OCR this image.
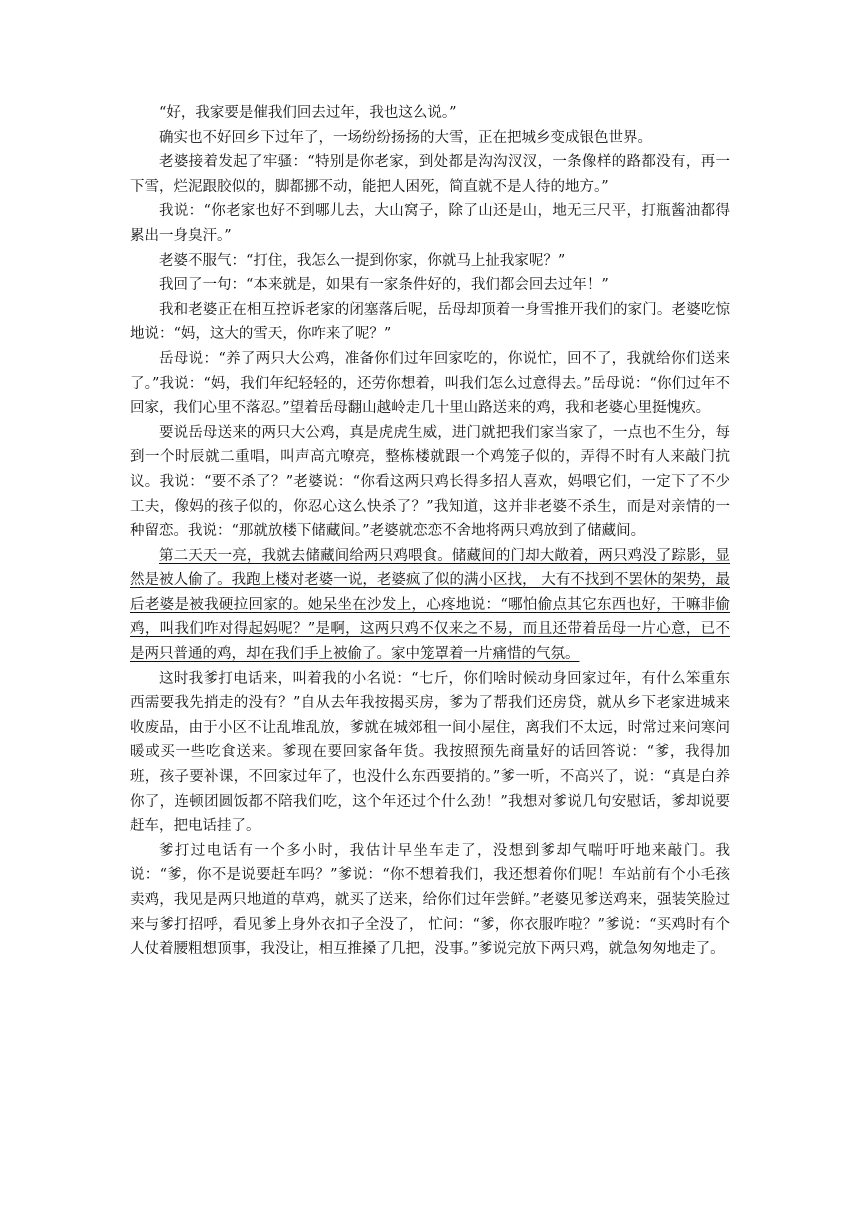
“好，我家要是催我们回去过年，我也这么说。”

确实也不好回乡下过年了，一场纷纷扬扬的大雪，正在把城乡变成银色世界。

老婆接着发起了牢骚：“特别是你老家，到处都是沟沟汊汊，一条像样的路都没有，再一下雪，烂泥跟胶似的，脚都挪不动，能把人困死，简直就不是人待的地方。”

我说：“你老家也好不到哪儿去，大山窝子，除了山还是山，地无三尺平，打瓶酱油都得累出一身臭汗。”

老婆不服气：“打住，我怎么一提到你家，你就马上扯我家呢？”

我回了一句：“本来就是，如果有一家条件好的，我们都会回去过年！”

我和老婆正在相互控诉老家的闭塞落后呢，岳母却顶着一身雪推开我们的家门。老婆吃惊地说：“妈，这大的雪天，你咋来了呢？”

岳母说：“养了两只大公鸡，准备你们过年回家吃的，你说忙，回不了，我就给你们送来了。”我说：“妈，我们年纪轻轻的，还劳你想着，叫我们怎么过意得去。”岳母说：“你们过年不回家，我们心里不落忍。”望着岳母翻山越岭走几十里山路送来的鸡，我和老婆心里挺愧疚。

要说岳母送来的两只大公鸡，真是虎虎生威，进门就把我们家当家了，一点也不生分，每到一个时辰就二重唱，叫声高亢嘹亮，整栋楼就跟一个鸡笼子似的，弄得不时有人来敲门抗议。我说：“要不杀了？”老婆说：“你看这两只鸡长得多招人喜欢，妈喂它们，一定下了不少工夫，像妈的孩子似的，你忍心这么快杀了？”我知道，这并非老婆不杀生，而是对亲情的一种留恋。我说：“那就放楼下储藏间。”老婆就恋恋不舍地将两只鸡放到了储藏间。

第二天天一亮，我就去储藏间给两只鸡喂食。储藏间的门却大敞着，两只鸡没了踪影，显然是被人偷了。我跑上楼对老婆一说，老婆疯了似的满小区找， 大有不找到不罢休的架势，最后老婆是被我硬拉回家的。她呆坐在沙发上，心疼地说：“哪怕偷点其它东西也好，干嘛非偷鸡，叫我们咋对得起妈呢？”是啊，这两只鸡不仅来之不易，而且还带着岳母一片心意，已不是两只普通的鸡，却在我们手上被偷了。家中笼罩着一片痛惜的气氛。

这时我爹打电话来，叫着我的小名说：“七斤，你们啥时候动身回家过年，有什么笨重东西需要我先捎走的没有？”自从去年我按揭买房，爹为了帮我们还房贷，就从乡下老家进城来收废品，由于小区不让乱堆乱放，爹就在城郊租一间小屋住，离我们不太远，时常过来问寒问暖或买一些吃食送来。爹现在要回家备年货。我按照预先商量好的话回答说：“爹，我得加班，孩子要补课，不回家过年了，也没什么东西要捎的。”爹一听，不高兴了，说：“真是白养你了，连顿团圆饭都不陪我们吃，这个年还过个什么劲！”我想对爹说几句安慰话，爹却说要赶车，把电话挂了。

爹打过电话有一个多小时，我估计早坐车走了，没想到爹却气喘吁吁地来敲门。我说：“爹，你不是说要赶车吗？”爹说：“你不想着我们，我还想着你们呢！车站前有个小毛孩卖鸡，我见是两只地道的草鸡，就买了送来，给你们过年尝鲜。”老婆见爹送鸡来，强装笑脸过来与爹打招呼，看见爹上身外衣扣子全没了， 忙问：“爹，你衣服咋啦？”爹说：“买鸡时有个人仗着腰粗想顶事，我没让，相互推搡了几把，没事。”爹说完放下两只鸡，就急匆匆地走了。
